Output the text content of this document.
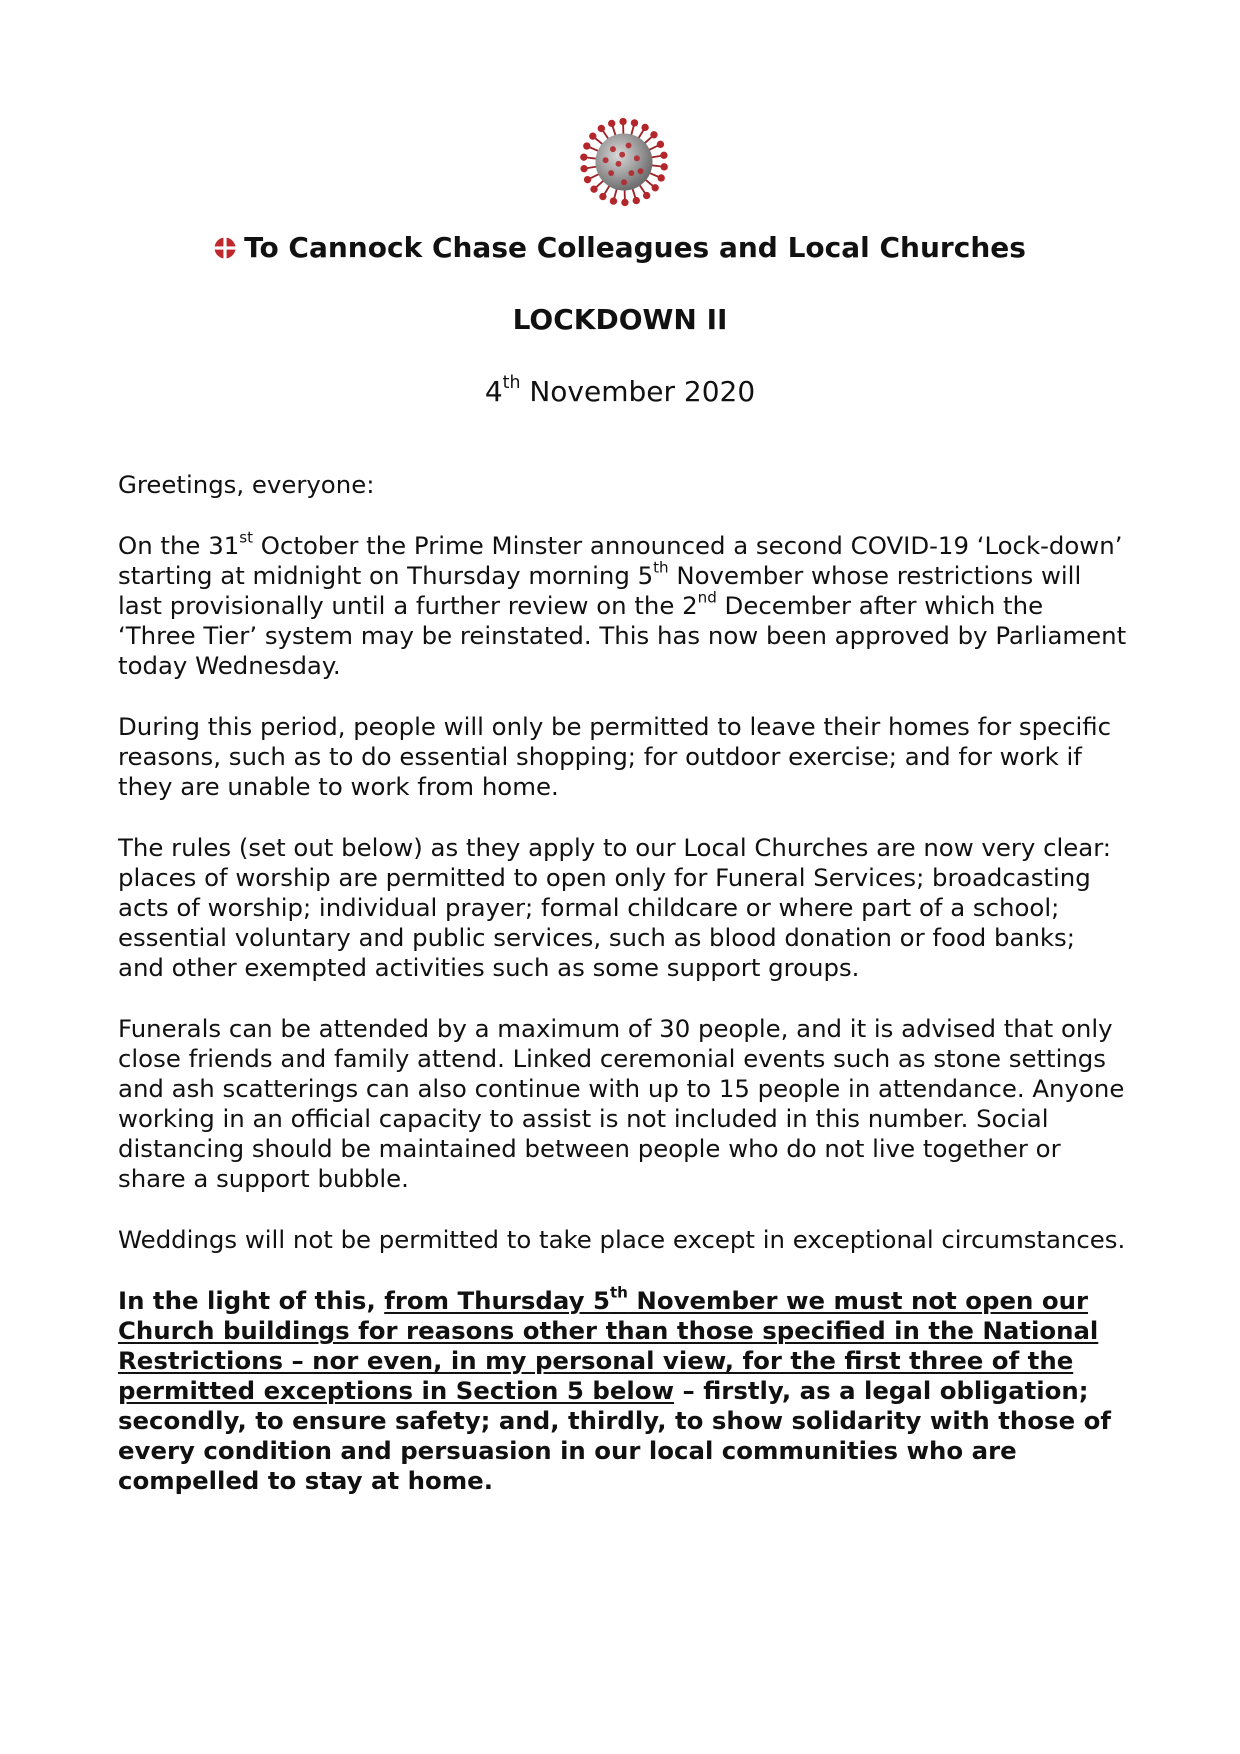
To Cannock Chase Colleagues and Local Churches
LOCKDOWN II
4th November 2020

Greetings, everyone:

On the 31st October the Prime Minster announced a second COVID-19 ‘Lock-down’ starting at midnight on Thursday morning 5th November whose restrictions will last provisionally until a further review on the 2nd December after which the ‘Three Tier’ system may be reinstated. This has now been approved by Parliament today Wednesday.

During this period, people will only be permitted to leave their homes for specific reasons, such as to do essential shopping; for outdoor exercise; and for work if they are unable to work from home.

The rules (set out below) as they apply to our Local Churches are now very clear: places of worship are permitted to open only for Funeral Services; broadcasting acts of worship; individual prayer; formal childcare or where part of a school; essential voluntary and public services, such as blood donation or food banks; and other exempted activities such as some support groups.

Funerals can be attended by a maximum of 30 people, and it is advised that only close friends and family attend. Linked ceremonial events such as stone settings and ash scatterings can also continue with up to 15 people in attendance. Anyone working in an official capacity to assist is not included in this number. Social distancing should be maintained between people who do not live together or share a support bubble.

Weddings will not be permitted to take place except in exceptional circumstances.

In the light of this, from Thursday 5th November we must not open our Church buildings for reasons other than those specified in the National Restrictions – nor even, in my personal view, for the first three of the permitted exceptions in Section 5 below – firstly, as a legal obligation; secondly, to ensure safety; and, thirdly, to show solidarity with those of every condition and persuasion in our local communities who are compelled to stay at home.
